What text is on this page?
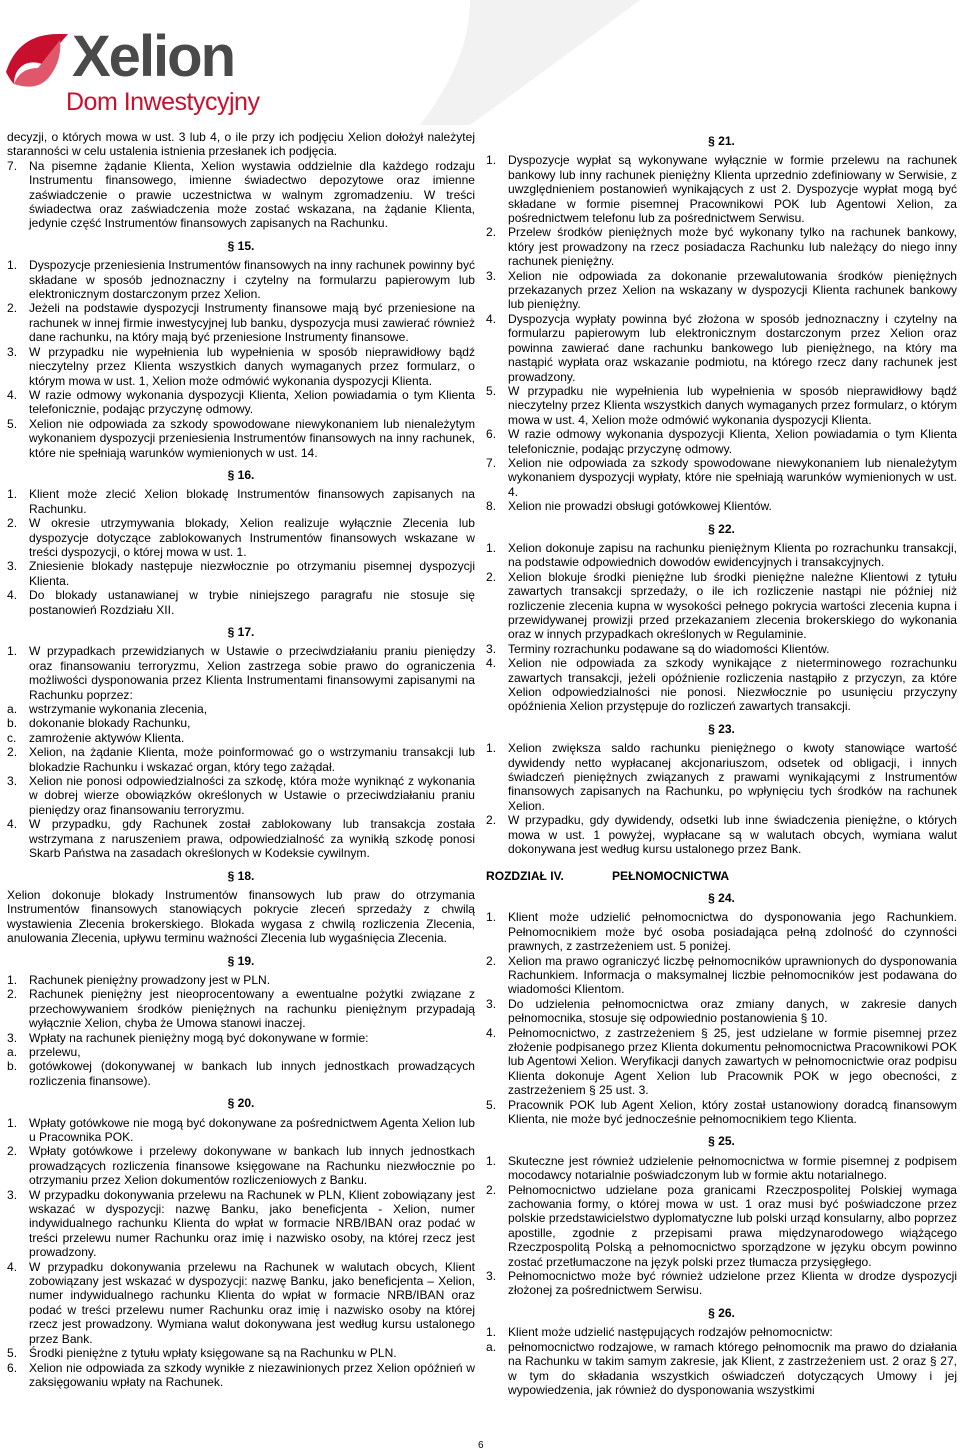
Xelion
Dom Inwestycyjny
decyzji, o których mowa w ust. 3 lub 4, o ile przy ich podjęciu Xelion dołożył należytej staranności w celu ustalenia istnienia przesłanek ich podjęcia.
7. Na pisemne żądanie Klienta, Xelion wystawia oddzielnie dla każdego rodzaju Instrumentu finansowego, imienne świadectwo depozytowe oraz imienne zaświadczenie o prawie uczestnictwa w walnym zgromadzeniu. W treści świadectwa oraz zaświadczenia może zostać wskazana, na żądanie Klienta, jedynie część Instrumentów finansowych zapisanych na Rachunku.
§ 15.
1. Dyspozycje przeniesienia Instrumentów finansowych na inny rachunek powinny być składane w sposób jednoznaczny i czytelny na formularzu papierowym lub elektronicznym dostarczonym przez Xelion.
2. Jeżeli na podstawie dyspozycji Instrumenty finansowe mają być przeniesione na rachunek w innej firmie inwestycyjnej lub banku, dyspozycja musi zawierać również dane rachunku, na który mają być przeniesione Instrumenty finansowe.
3. W przypadku nie wypełnienia lub wypełnienia w sposób nieprawidłowy bądź nieczytelny przez Klienta wszystkich danych wymaganych przez formularz, o którym mowa w ust. 1, Xelion może odmówić wykonania dyspozycji Klienta.
4. W razie odmowy wykonania dyspozycji Klienta, Xelion powiadamia o tym Klienta telefonicznie, podając przyczynę odmowy.
5. Xelion nie odpowiada za szkody spowodowane niewykonaniem lub nienależytym wykonaniem dyspozycji przeniesienia Instrumentów finansowych na inny rachunek, które nie spełniają warunków wymienionych w ust. 14.
§ 16.
1. Klient może zlecić Xelion blokadę Instrumentów finansowych zapisanych na Rachunku.
2. W okresie utrzymywania blokady, Xelion realizuje wyłącznie Zlecenia lub dyspozycje dotyczące zablokowanych Instrumentów finansowych wskazane w treści dyspozycji, o której mowa w ust. 1.
3. Zniesienie blokady następuje niezwłocznie po otrzymaniu pisemnej dyspozycji Klienta.
4. Do blokady ustanawianej w trybie niniejszego paragrafu nie stosuje się postanowień Rozdziału XII.
§ 17.
1. W przypadkach przewidzianych w Ustawie o przeciwdziałaniu praniu pieniędzy oraz finansowaniu terroryzmu, Xelion zastrzega sobie prawo do ograniczenia możliwości dysponowania przez Klienta Instrumentami finansowymi zapisanymi na Rachunku poprzez:
a. wstrzymanie wykonania zlecenia,
b. dokonanie blokady Rachunku,
c. zamrożenie aktywów Klienta.
2. Xelion, na żądanie Klienta, może poinformować go o wstrzymaniu transakcji lub blokadzie Rachunku i wskazać organ, który tego zażądał.
3. Xelion nie ponosi odpowiedzialności za szkodę, która może wyniknąć z wykonania w dobrej wierze obowiązków określonych w Ustawie o przeciwdziałaniu praniu pieniędzy oraz finansowaniu terroryzmu.
4. W przypadku, gdy Rachunek został zablokowany lub transakcja została wstrzymana z naruszeniem prawa, odpowiedzialność za wynikłą szkodę ponosi Skarb Państwa na zasadach określonych w Kodeksie cywilnym.
§ 18.
Xelion dokonuje blokady Instrumentów finansowych lub praw do otrzymania Instrumentów finansowych stanowiących pokrycie zleceń sprzedaży z chwilą wystawienia Zlecenia brokerskiego. Blokada wygasa z chwilą rozliczenia Zlecenia, anulowania Zlecenia, upływu terminu ważności Zlecenia lub wygaśnięcia Zlecenia.
§ 19.
1. Rachunek pieniężny prowadzony jest w PLN.
2. Rachunek pieniężny jest nieoprocentowany a ewentualne pożytki związane z przechowywaniem środków pieniężnych na rachunku pieniężnym przypadają wyłącznie Xelion, chyba że Umowa stanowi inaczej.
3. Wpłaty na rachunek pieniężny mogą być dokonywane w formie:
a. przelewu,
b. gotówkowej (dokonywanej w bankach lub innych jednostkach prowadzących rozliczenia finansowe).
§ 20.
1. Wpłaty gotówkowe nie mogą być dokonywane za pośrednictwem Agenta Xelion lub u Pracownika POK.
2. Wpłaty gotówkowe i przelewy dokonywane w bankach lub innych jednostkach prowadzących rozliczenia finansowe księgowane na Rachunku niezwłocznie po otrzymaniu przez Xelion dokumentów rozliczeniowych z Banku.
3. W przypadku dokonywania przelewu na Rachunek w PLN, Klient zobowiązany jest wskazać w dyspozycji: nazwę Banku, jako beneficjenta - Xelion, numer indywidualnego rachunku Klienta do wpłat w formacie NRB/IBAN oraz podać w treści przelewu numer Rachunku oraz imię i nazwisko osoby, na której rzecz jest prowadzony.
4. W przypadku dokonywania przelewu na Rachunek w walutach obcych, Klient zobowiązany jest wskazać w dyspozycji: nazwę Banku, jako beneficjenta – Xelion, numer indywidualnego rachunku Klienta do wpłat w formacie NRB/IBAN oraz podać w treści przelewu numer Rachunku oraz imię i nazwisko osoby na której rzecz jest prowadzony. Wymiana walut dokonywana jest według kursu ustalonego przez Bank.
5. Środki pieniężne z tytułu wpłaty księgowane są na Rachunku w PLN.
6. Xelion nie odpowiada za szkody wynikłe z niezawinionych przez Xelion opóźnień w zaksięgowaniu wpłaty na Rachunek.
§ 21.
1. Dyspozycje wypłat są wykonywane wyłącznie w formie przelewu na rachunek bankowy lub inny rachunek pieniężny Klienta uprzednio zdefiniowany w Serwisie, z uwzględnieniem postanowień wynikających z ust 2. Dyspozycje wypłat mogą być składane w formie pisemnej Pracownikowi POK lub Agentowi Xelion, za pośrednictwem telefonu lub za pośrednictwem Serwisu.
2. Przelew środków pieniężnych może być wykonany tylko na rachunek bankowy, który jest prowadzony na rzecz posiadacza Rachunku lub należący do niego inny rachunek pieniężny.
3. Xelion nie odpowiada za dokonanie przewalutowania środków pieniężnych przekazanych przez Xelion na wskazany w dyspozycji Klienta rachunek bankowy lub pieniężny.
4. Dyspozycja wypłaty powinna być złożona w sposób jednoznaczny i czytelny na formularzu papierowym lub elektronicznym dostarczonym przez Xelion oraz powinna zawierać dane rachunku bankowego lub pieniężnego, na który ma nastąpić wypłata oraz wskazanie podmiotu, na którego rzecz dany rachunek jest prowadzony.
5. W przypadku nie wypełnienia lub wypełnienia w sposób nieprawidłowy bądź nieczytelny przez Klienta wszystkich danych wymaganych przez formularz, o którym mowa w ust. 4, Xelion może odmówić wykonania dyspozycji Klienta.
6. W razie odmowy wykonania dyspozycji Klienta, Xelion powiadamia o tym Klienta telefonicznie, podając przyczynę odmowy.
7. Xelion nie odpowiada za szkody spowodowane niewykonaniem lub nienależytym wykonaniem dyspozycji wypłaty, które nie spełniają warunków wymienionych w ust. 4.
8. Xelion nie prowadzi obsługi gotówkowej Klientów.
§ 22.
1. Xelion dokonuje zapisu na rachunku pieniężnym Klienta po rozrachunku transakcji, na podstawie odpowiednich dowodów ewidencyjnych i transakcyjnych.
2. Xelion blokuje środki pieniężne lub środki pieniężne należne Klientowi z tytułu zawartych transakcji sprzedaży, o ile ich rozliczenie nastąpi nie później niż rozliczenie zlecenia kupna w wysokości pełnego pokrycia wartości zlecenia kupna i przewidywanej prowizji przed przekazaniem zlecenia brokerskiego do wykonania oraz w innych przypadkach określonych w Regulaminie.
3. Terminy rozrachunku podawane są do wiadomości Klientów.
4. Xelion nie odpowiada za szkody wynikające z nieterminowego rozrachunku zawartych transakcji, jeżeli opóźnienie rozliczenia nastąpiło z przyczyn, za które Xelion odpowiedzialności nie ponosi. Niezwłocznie po usunięciu przyczyny opóźnienia Xelion przystępuje do rozliczeń zawartych transakcji.
§ 23.
1. Xelion zwiększa saldo rachunku pieniężnego o kwoty stanowiące wartość dywidendy netto wypłacanej akcjonariuszom, odsetek od obligacji, i innych świadczeń pieniężnych związanych z prawami wynikającymi z Instrumentów finansowych zapisanych na Rachunku, po wpłynięciu tych środków na rachunek Xelion.
2. W przypadku, gdy dywidendy, odsetki lub inne świadczenia pieniężne, o których mowa w ust. 1 powyżej, wypłacane są w walutach obcych, wymiana walut dokonywana jest według kursu ustalonego przez Bank.
ROZDZIAŁ IV.	PEŁNOMOCNICTWA
§ 24.
1. Klient może udzielić pełnomocnictwa do dysponowania jego Rachunkiem. Pełnomocnikiem może być osoba posiadająca pełną zdolność do czynności prawnych, z zastrzeżeniem ust. 5 poniżej.
2. Xelion ma prawo ograniczyć liczbę pełnomocników uprawnionych do dysponowania Rachunkiem. Informacja o maksymalnej liczbie pełnomocników jest podawana do wiadomości Klientom.
3. Do udzielenia pełnomocnictwa oraz zmiany danych, w zakresie danych pełnomocnika, stosuje się odpowiednio postanowienia § 10.
4. Pełnomocnictwo, z zastrzeżeniem § 25, jest udzielane w formie pisemnej przez złożenie podpisanego przez Klienta dokumentu pełnomocnictwa Pracownikowi POK lub Agentowi Xelion. Weryfikacji danych zawartych w pełnomocnictwie oraz podpisu Klienta dokonuje Agent Xelion lub Pracownik POK w jego obecności, z zastrzeżeniem § 25 ust. 3.
5. Pracownik POK lub Agent Xelion, który został ustanowiony doradcą finansowym Klienta, nie może być jednocześnie pełnomocnikiem tego Klienta.
§ 25.
1. Skuteczne jest również udzielenie pełnomocnictwa w formie pisemnej z podpisem mocodawcy notarialnie poświadczonym lub w formie aktu notarialnego.
2. Pełnomocnictwo udzielane poza granicami Rzeczpospolitej Polskiej wymaga zachowania formy, o której mowa w ust. 1 oraz musi być poświadczone przez polskie przedstawicielstwo dyplomatyczne lub polski urząd konsularny, albo poprzez apostille, zgodnie z przepisami prawa międzynarodowego wiążącego Rzeczpospolitą Polską a pełnomocnictwo sporządzone w języku obcym powinno zostać przetłumaczone na język polski przez tłumacza przysięgłego.
3. Pełnomocnictwo może być również udzielone przez Klienta w drodze dyspozycji złożonej za pośrednictwem Serwisu.
§ 26.
1. Klient może udzielić następujących rodzajów pełnomocnictw:
a. pełnomocnictwo rodzajowe, w ramach którego pełnomocnik ma prawo do działania na Rachunku w takim samym zakresie, jak Klient, z zastrzeżeniem ust. 2 oraz § 27, w tym do składania wszystkich oświadczeń dotyczących Umowy i jej wypowiedzenia, jak również do dysponowania wszystkimi
6
